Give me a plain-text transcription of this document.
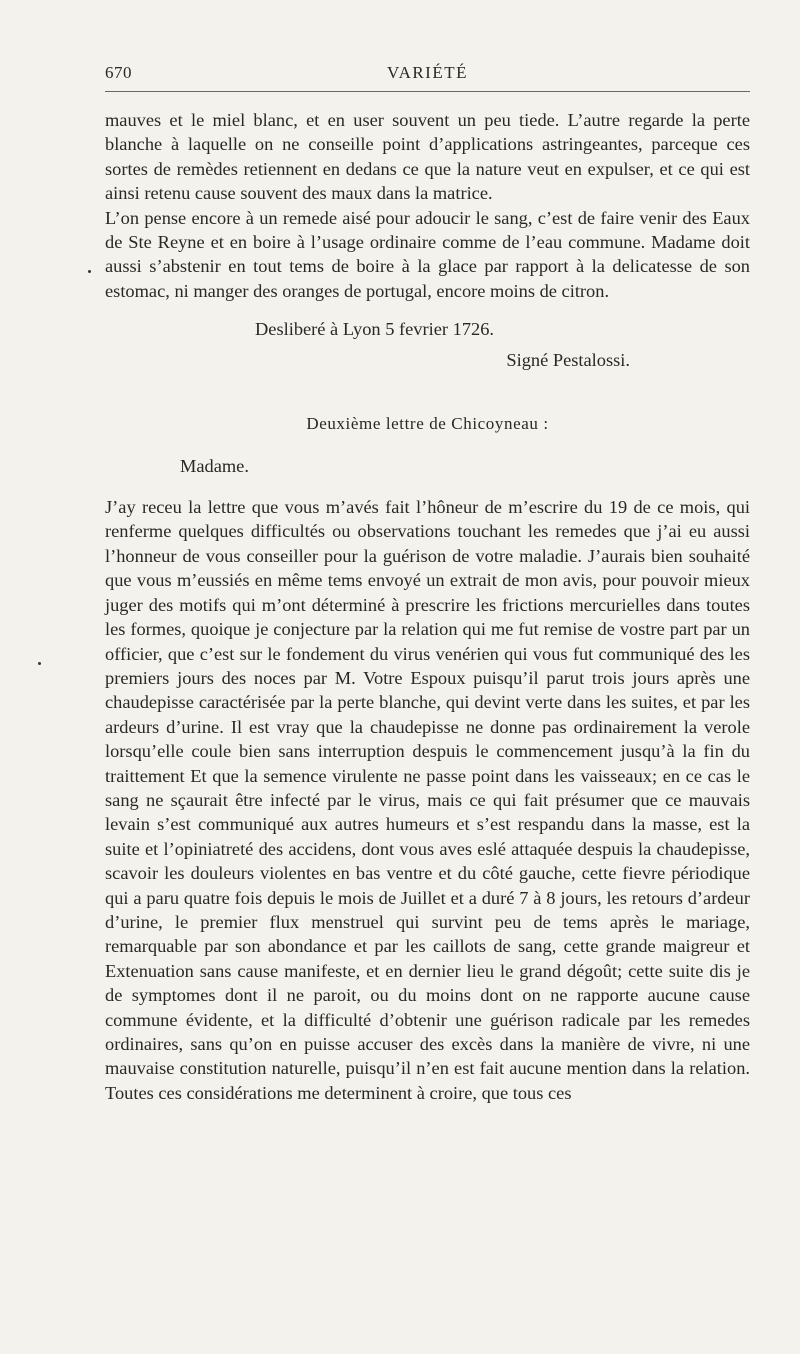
670	VARIÉTÉ

mauves et le miel blanc, et en user souvent un peu tiede. L’autre regarde la perte blanche à laquelle on ne conseille point d’applications astringeantes, parceque ces sortes de remèdes retiennent en dedans ce que la nature veut en expulser, et ce qui est ainsi retenu cause souvent des maux dans la matrice.

L’on pense encore à un remede aisé pour adoucir le sang, c’est de faire venir des Eaux de Ste Reyne et en boire à l’usage ordinaire comme de l’eau commune. Madame doit aussi s’abstenir en tout tems de boire à la glace par rapport à la delicatesse de son estomac, ni manger des oranges de portugal, encore moins de citron.

Desliberé à Lyon 5 fevrier 1726.
Signé Pestalossi.
Deuxième lettre de Chicoyneau :
Madame.

J’ay receu la lettre que vous m’avés fait l’hôneur de m’escrire du 19 de ce mois, qui renferme quelques difficultés ou observations touchant les remedes que j’ai eu aussi l’honneur de vous conseiller pour la guérison de votre maladie. J’aurais bien souhaité que vous m’eussiés en même tems envoyé un extrait de mon avis, pour pouvoir mieux juger des motifs qui m’ont déterminé à prescrire les frictions mercurielles dans toutes les formes, quoique je conjecture par la relation qui me fut remise de vostre part par un officier, que c’est sur le fondement du virus venérien qui vous fut communiqué des les premiers jours des noces par M. Votre Espoux puisqu’il parut trois jours après une chaudepisse caractérisée par la perte blanche, qui devint verte dans les suites, et par les ardeurs d’urine. Il est vray que la chaudepisse ne donne pas ordinairement la verole lorsqu’elle coule bien sans interruption despuis le commencement jusqu’à la fin du traittement Et que la semence virulente ne passe point dans les vaisseaux; en ce cas le sang ne sçaurait être infecté par le virus, mais ce qui fait présumer que ce mauvais levain s’est communiqué aux autres humeurs et s’est respandu dans la masse, est la suite et l’opiniatreté des accidens, dont vous aves eslé attaquée despuis la chaudepisse, scavoir les douleurs violentes en bas ventre et du côté gauche, cette fievre périodique qui a paru quatre fois depuis le mois de Juillet et a duré 7 à 8 jours, les retours d’ardeur d’urine, le premier flux menstruel qui survint peu de tems après le mariage, remarquable par son abondance et par les caillots de sang, cette grande maigreur et Extenuation sans cause manifeste, et en dernier lieu le grand dégoût; cette suite dis je de symptomes dont il ne paroit, ou du moins dont on ne rapporte aucune cause commune évidente, et la difficulté d’obtenir une guérison radicale par les remedes ordinaires, sans qu’on en puisse accuser des excès dans la manière de vivre, ni une mauvaise constitution naturelle, puisqu’il n’en est fait aucune mention dans la relation. Toutes ces considérations me determinent à croire, que tous ces
